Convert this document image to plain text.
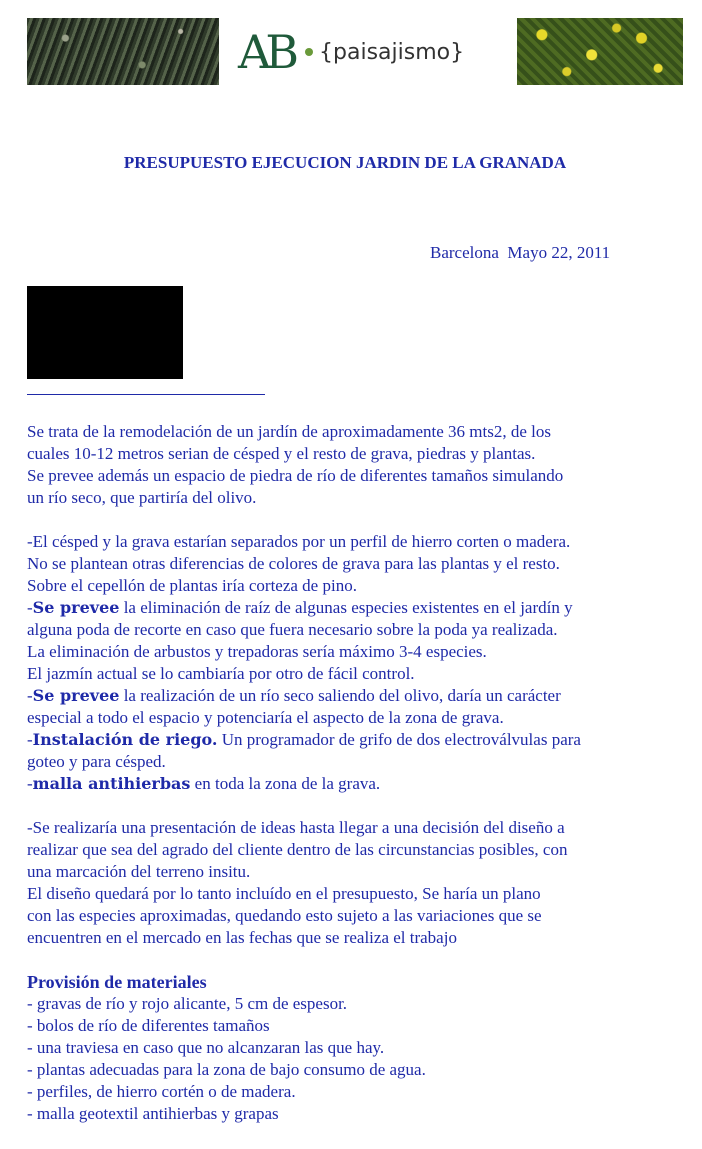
AB {paisajismo}
PRESUPUESTO EJECUCION JARDIN DE LA GRANADA
Barcelona  Mayo 22, 2011

Se trata de la remodelación de un jardín de aproximadamente 36 mts2, de los

cuales 10-12 metros serian de césped y el resto de grava, piedras y plantas.

Se prevee además un espacio de piedra de río de diferentes tamaños simulando

un río seco, que partiría del olivo.

-El césped y la grava estarían separados por un perfil de hierro corten o madera.

No se plantean otras diferencias de colores de grava para las plantas y el resto.

Sobre el cepellón de plantas iría corteza de pino.

-Se prevee la eliminación de raíz de algunas especies existentes en el jardín y

alguna poda de recorte en caso que fuera necesario sobre la poda ya realizada.

La eliminación de arbustos y trepadoras sería máximo 3-4 especies.

El jazmín actual se lo cambiaría por otro de fácil control.

-Se prevee la realización de un río seco saliendo del olivo, daría un carácter

especial a todo el espacio y potenciaría el aspecto de la zona de grava.

-Instalación de riego. Un programador de grifo de dos electroválvulas para

goteo y para césped.

-malla antihierbas en toda la zona de la grava.

-Se realizaría una presentación de ideas hasta llegar a una decisión del diseño a

realizar que sea del agrado del cliente dentro de las circunstancias posibles, con

una marcación del terreno insitu.

El diseño quedará por lo tanto incluído en el presupuesto, Se haría un plano

con las especies aproximadas, quedando esto sujeto a las variaciones que se

encuentren en el mercado en las fechas que se realiza el trabajo

Provisión de materiales

- gravas de río y rojo alicante, 5 cm de espesor.
- bolos de río de diferentes tamaños
- una traviesa en caso que no alcanzaran las que hay.
- plantas adecuadas para la zona de bajo consumo de agua.
- perfiles, de hierro cortén o de madera.
- malla geotextil antihierbas y grapas
